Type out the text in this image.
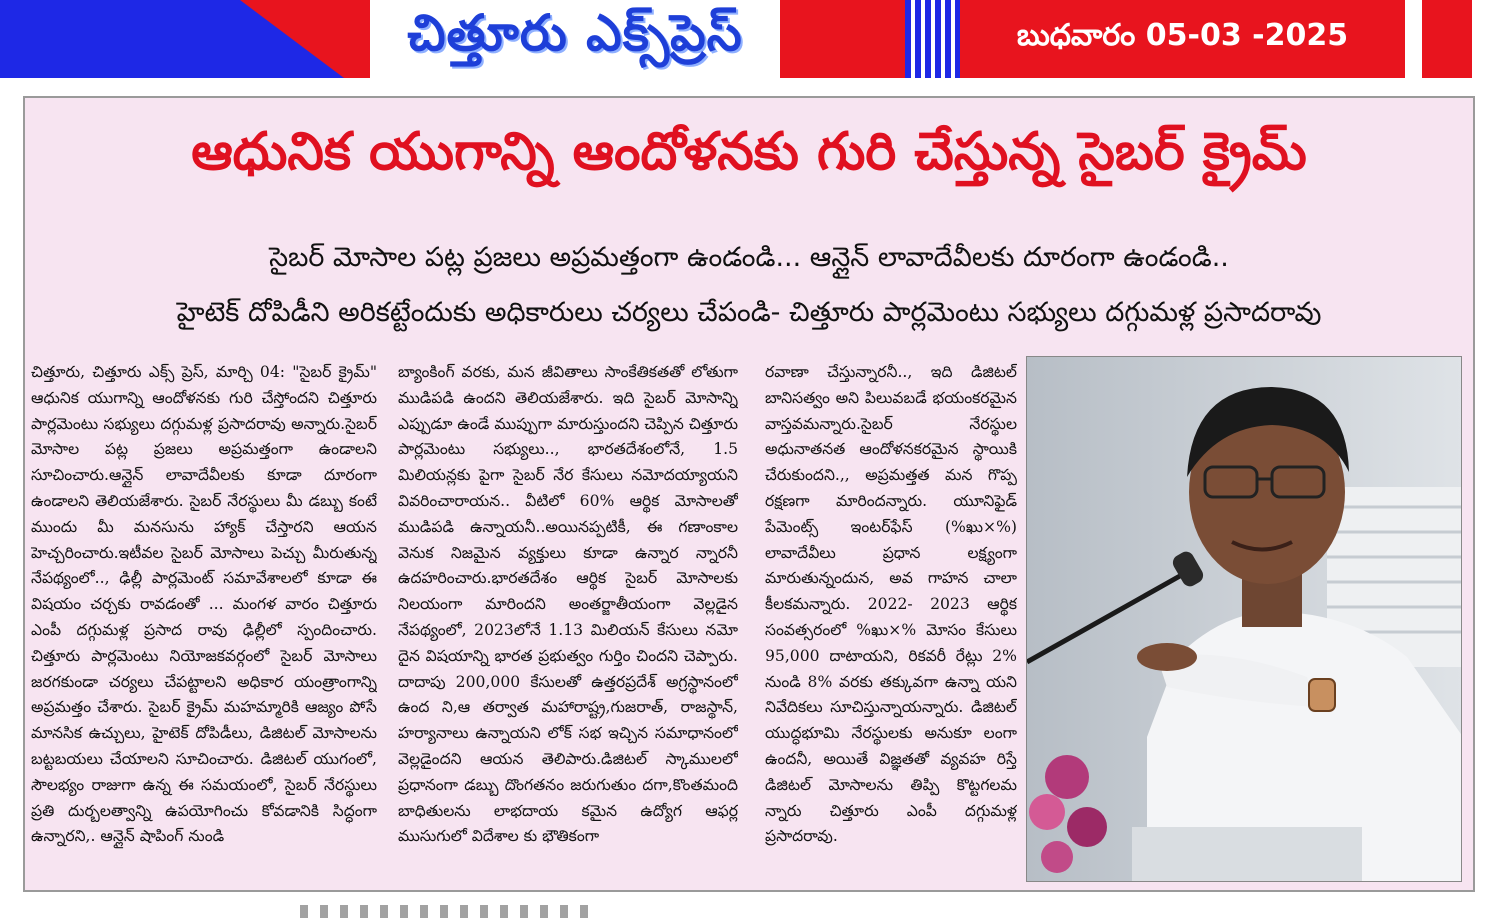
చిత్తూరు ఎక్స్‌ప్రెస్	బుధవారం 05-03 -2025
ఆధునిక యుగాన్ని ఆందోళనకు గురి చేస్తున్న సైబర్ క్రైమ్
సైబర్ మోసాల పట్ల ప్రజలు అప్రమత్తంగా ఉండండి... ఆన్లైన్ లావాదేవీలకు దూరంగా ఉండండి..
హైటెక్ దోపిడీని అరికట్టేందుకు అధికారులు చర్యలు చేపండి- చిత్తూరు పార్లమెంటు సభ్యులు దగ్గుమళ్ల ప్రసాదరావు
చిత్తూరు, చిత్తూరు ఎక్స్ ప్రెస్, మార్చి 04: "సైబర్ క్రైమ్" ఆధునిక యుగాన్ని ఆందోళనకు గురి చేస్తోందని చిత్తూరు పార్లమెంటు సభ్యులు దగ్గుమళ్ల ప్రసాదరావు అన్నారు.సైబర్ మోసాల పట్ల ప్రజలు అప్రమత్తంగా ఉండాలని సూచించారు.ఆన్లైన్ లావాదేవీలకు కూడా దూరంగా ఉండాలని తెలియజేశారు. సైబర్ నేరస్థులు మీ డబ్బు కంటే ముందు మీ మనసును హ్యాక్ చేస్తారని ఆయన హెచ్చరించారు.ఇటీవల సైబర్ మోసాలు పెచ్చు మీరుతున్న నేపథ్యంలో.., ఢిల్లీ పార్లమెంట్ సమావేశాలలో కూడా ఈ విషయం చర్చకు రావడంతో ... మంగళ వారం చిత్తూరు ఎంపీ దగ్గుమళ్ల ప్రసాద రావు ఢిల్లీలో స్పందించారు. చిత్తూరు పార్లమెంటు నియోజకవర్గంలో సైబర్ మోసాలు జరగకుండా చర్యలు చేపట్టాలని అధికార యంత్రాంగాన్ని అప్రమత్తం చేశారు. సైబర్ క్రైమ్ మహమ్మారికి ఆజ్యం పోసే మానసిక ఉచ్చులు, హైటెక్ దోపిడీలు, డిజిటల్ మోసాలను బట్టబయలు చేయాలని సూచించారు. డిజిటల్ యుగంలో, సౌలభ్యం రాజుగా ఉన్న ఈ సమయంలో, సైబర్ నేరస్థులు ప్రతి దుర్బలత్వాన్ని ఉపయోగించు కోవడానికి సిద్ధంగా ఉన్నారని,. ఆన్లైన్ షాపింగ్ నుండి
బ్యాంకింగ్ వరకు, మన జీవితాలు సాంకేతికతతో లోతుగా ముడిపడి ఉందని తెలియజేశారు. ఇది సైబర్ మోసాన్ని ఎప్పుడూ ఉండే ముప్పుగా మారుస్తుందని చెప్పిన చిత్తూరు పార్లమెంటు సభ్యులు.., భారతదేశంలోనే, 1.5 మిలియన్లకు పైగా సైబర్ నేర కేసులు నమోదయ్యాయని వివరించారాయన.. వీటిలో 60% ఆర్థిక మోసాలతో ముడిపడి ఉన్నాయనీ..అయినప్పటికీ, ఈ గణాంకాల వెనుక నిజమైన వ్యక్తులు కూడా ఉన్నార న్నారనీ ఉదహరించారు.భారతదేశం ఆర్థిక సైబర్ మోసాలకు నిలయంగా మారిందని అంతర్జాతీయంగా వెల్లడైన నేపథ్యంలో, 2023లోనే 1.13 మిలియన్ కేసులు నమో దైన విషయాన్ని భారత ప్రభుత్వం గుర్తిం చిందని చెప్పారు. దాదాపు 200,000 కేసులతో ఉత్తరప్రదేశ్ అగ్రస్థానంలో ఉంద ని,ఆ తర్వాత మహారాష్ట్ర,గుజరాత్, రాజస్థాన్, హర్యానాలు ఉన్నాయని లోక్ సభ ఇచ్చిన సమాధానంలో వెల్లడైందని ఆయన తెలిపారు.డిజిటల్ స్కాములలో ప్రధానంగా డబ్బు దొంగతనం జరుగుతుం దగా,కొంతమంది బాధితులను లాభదాయ కమైన ఉద్యోగ ఆఫర్ల ముసుగులో విదేశాల కు భౌతికంగా
రవాణా చేస్తున్నారనీ.., ఇది డిజిటల్ బానిసత్వం అని పిలువబడే భయంకరమైన వాస్తవమన్నారు.సైబర్ నేరస్థుల అధునాతనత ఆందోళనకరమైన స్థాయికి చేరుకుందని.,, అప్రమత్తత మన గొప్ప రక్షణగా మారిందన్నారు. యూనిఫైడ్ పేమెంట్స్ ఇంటర్‌ఫేస్ (%ఖు×%) లావాదేవీలు ప్రధాన లక్ష్యంగా మారుతున్నందున, అవ గాహన చాలా కీలకమన్నారు. 2022- 2023 ఆర్థిక సంవత్సరంలో %ఖు×% మోసం కేసులు 95,000 దాటాయని, రికవరీ రేట్లు 2% నుండి 8% వరకు తక్కువగా ఉన్నా యని నివేదికలు సూచిస్తున్నాయన్నారు. డిజిటల్ యుద్ధభూమి నేరస్థులకు అనుకూ లంగా ఉందనీ, అయితే విజ్ఞతతో వ్యవహ రిస్తే డిజిటల్ మోసాలను తిప్పి కొట్టగలమ న్నారు చిత్తూరు ఎంపీ దగ్గుమళ్ల ప్రసాదరావు.
